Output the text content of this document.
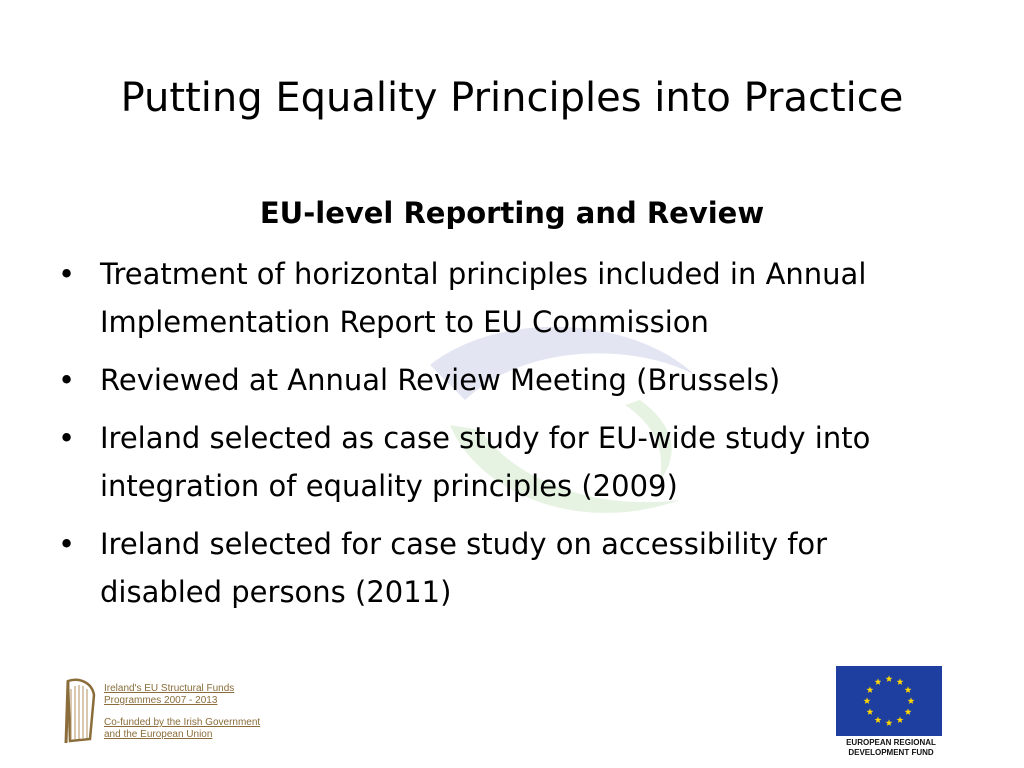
Putting Equality Principles into Practice
EU-level Reporting and Review
• Treatment of horizontal principles included in Annual
Implementation Report to EU Commission
• Reviewed at Annual Review Meeting (Brussels)
• Ireland selected as case study for EU-wide study into
integration of equality principles (2009)
• Ireland selected for case study on accessibility for
disabled persons (2011)
Ireland's EU Structural Funds
Programmes 2007 - 2013
Co-funded by the Irish Government
and the European Union
EUROPEAN REGIONAL
DEVELOPMENT FUND
